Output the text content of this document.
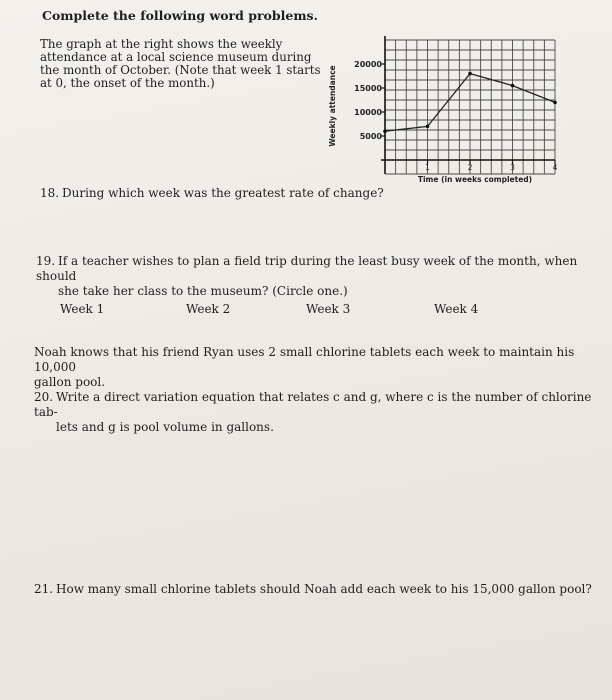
Complete the following word problems.
The graph at the right shows the weekly attendance at a local science museum during the month of October. (Note that week 1 starts at 0, the onset of the month.)
5000
10000
15000
20000
1	2	3	4
Weekly attendance
Time (in weeks completed)
18. During which week was the greatest rate of change?
19. If a teacher wishes to plan a field trip during the least busy week of the month, when should
she take her class to the museum? (Circle one.)
Week 1	Week 2	Week 3	Week 4
Noah knows that his friend Ryan uses 2 small chlorine tablets each week to maintain his 10,000
gallon pool.
20. Write a direct variation equation that relates c and g, where c is the number of chlorine tab-
lets and g is pool volume in gallons.
21. How many small chlorine tablets should Noah add each week to his 15,000 gallon pool?
